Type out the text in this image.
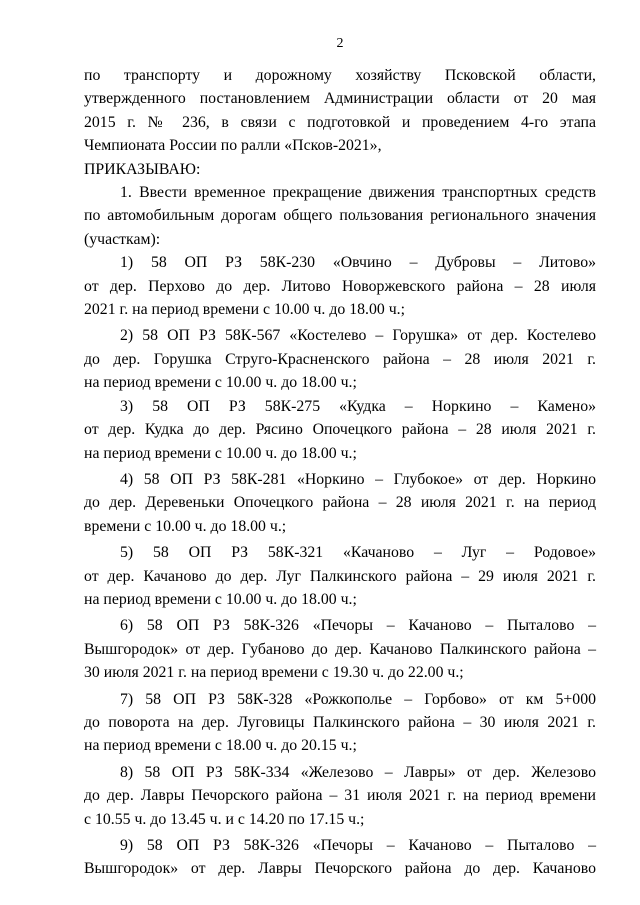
2

по транспорту и дорожному хозяйству Псковской области,
утвержденного постановлением Администрации области от 20 мая
2015 г. № 236, в связи с подготовкой и проведением 4-го этапа
Чемпионата России по ралли «Псков-2021»,

ПРИКАЗЫВАЮ:

1. Ввести временное прекращение движения транспортных средств
по автомобильным дорогам общего пользования регионального значения
(участкам):

1) 58 ОП РЗ 58К-230 «Овчино – Дубровы – Литово»
от дер. Перхово до дер. Литово Новоржевского района – 28 июля
2021 г. на период времени с 10.00 ч. до 18.00 ч.;

2) 58 ОП РЗ 58К-567 «Костелево – Горушка» от дер. Костелево
до дер. Горушка Струго-Красненского района – 28 июля 2021 г.
на период времени с 10.00 ч. до 18.00 ч.;

3) 58 ОП РЗ 58К-275 «Кудка – Норкино – Камено»
от дер. Кудка до дер. Рясино Опочецкого района – 28 июля 2021 г.
на период времени с 10.00 ч. до 18.00 ч.;

4) 58 ОП РЗ 58К-281 «Норкино – Глубокое» от дер. Норкино
до дер. Деревеньки Опочецкого района – 28 июля 2021 г. на период
времени с 10.00 ч. до 18.00 ч.;

5) 58 ОП РЗ 58К-321 «Качаново – Луг – Родовое»
от дер. Качаново до дер. Луг Палкинского района – 29 июля 2021 г.
на период времени с 10.00 ч. до 18.00 ч.;

6) 58 ОП РЗ 58К-326 «Печоры – Качаново – Пыталово –
Вышгородок» от дер. Губаново до дер. Качаново Палкинского района –
30 июля 2021 г. на период времени с 19.30 ч. до 22.00 ч.;

7) 58 ОП РЗ 58К-328 «Рожкополье – Горбово» от км 5+000
до поворота на дер. Луговицы Палкинского района – 30 июля 2021 г.
на период времени с 18.00 ч. до 20.15 ч.;

8) 58 ОП РЗ 58К-334 «Железово – Лавры» от дер. Железово
до дер. Лавры Печорского района – 31 июля 2021 г. на период времени
с 10.55 ч. до 13.45 ч. и с 14.20 по 17.15 ч.;

9) 58 ОП РЗ 58К-326 «Печоры – Качаново – Пыталово –
Вышгородок» от дер. Лавры Печорского района до дер. Качаново
